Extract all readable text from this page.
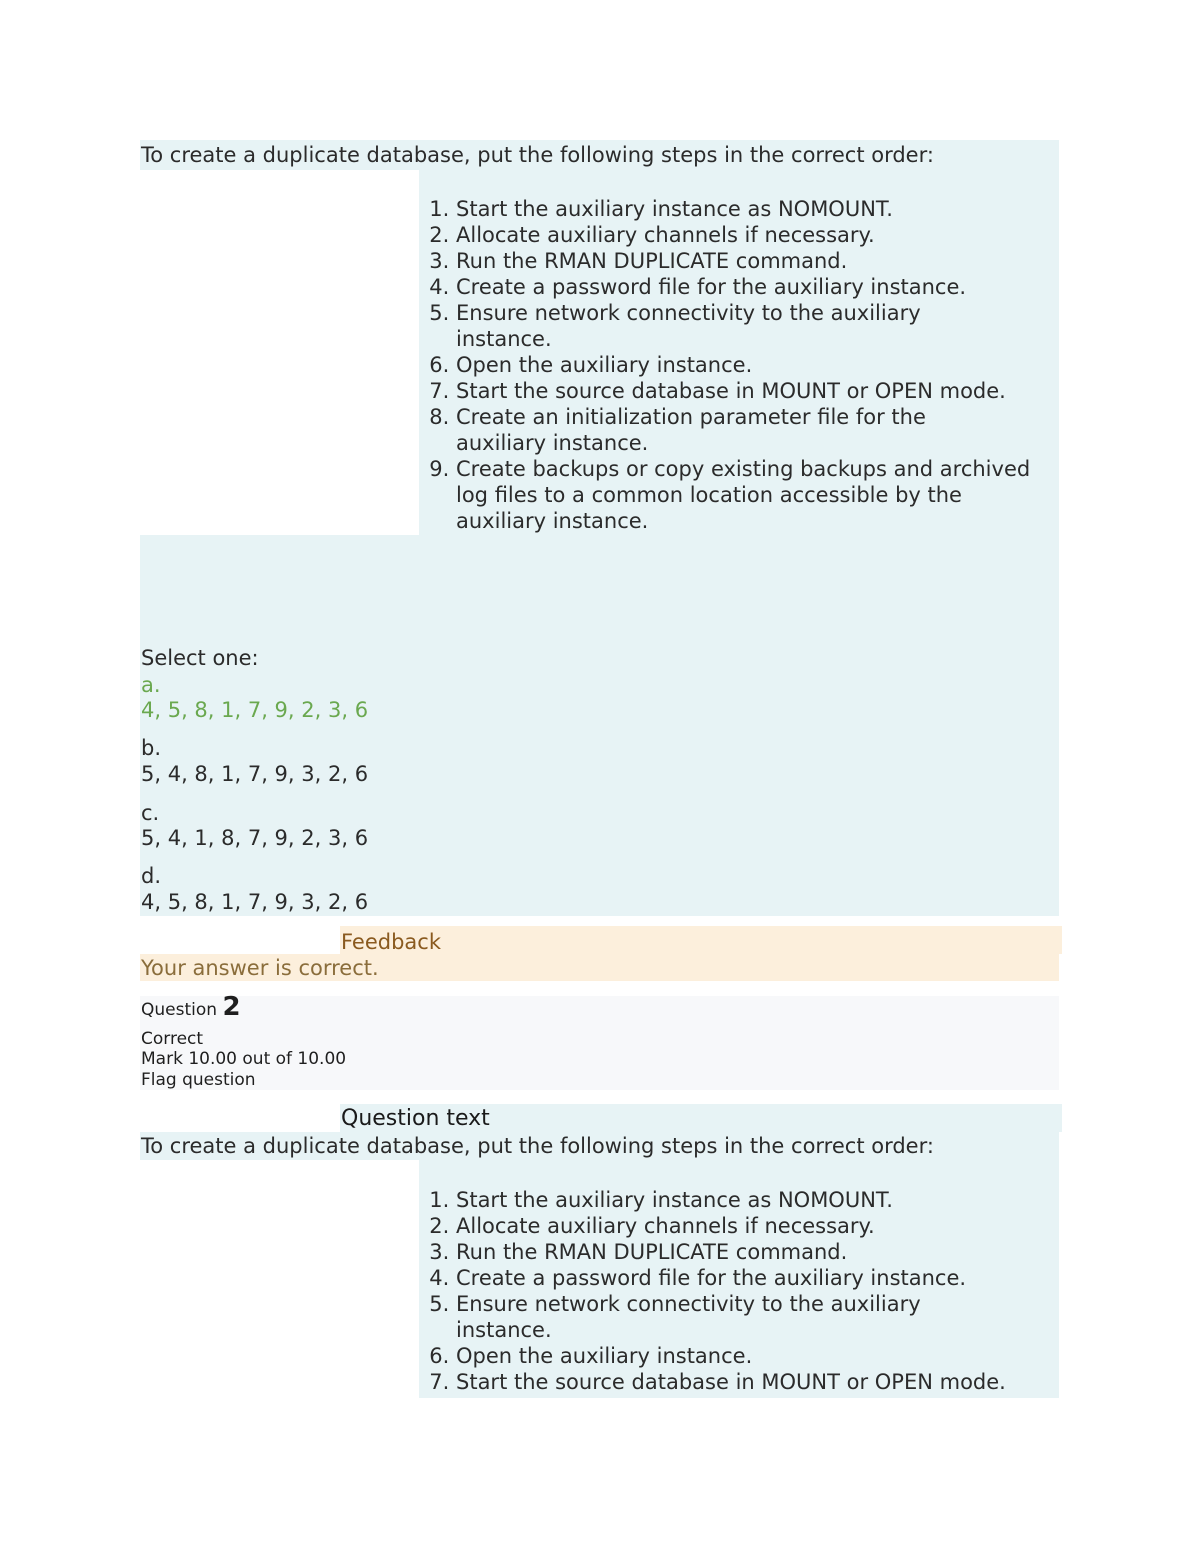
To create a duplicate database, put the following steps in the correct order:
1. Start the auxiliary instance as NOMOUNT.
2. Allocate auxiliary channels if necessary.
3. Run the RMAN DUPLICATE command.
4. Create a password file for the auxiliary instance.
5. Ensure network connectivity to the auxiliary instance.
6. Open the auxiliary instance.
7. Start the source database in MOUNT or OPEN mode.
8. Create an initialization parameter file for the auxiliary instance.
9. Create backups or copy existing backups and archived log files to a common location accessible by the auxiliary instance.
Select one:
a.
4, 5, 8, 1, 7, 9, 2, 3, 6
b.
5, 4, 8, 1, 7, 9, 3, 2, 6
c.
5, 4, 1, 8, 7, 9, 2, 3, 6
d.
4, 5, 8, 1, 7, 9, 3, 2, 6
Feedback
Your answer is correct.
Question 2
Correct
Mark 10.00 out of 10.00
Flag question
Question text
To create a duplicate database, put the following steps in the correct order:
1. Start the auxiliary instance as NOMOUNT.
2. Allocate auxiliary channels if necessary.
3. Run the RMAN DUPLICATE command.
4. Create a password file for the auxiliary instance.
5. Ensure network connectivity to the auxiliary instance.
6. Open the auxiliary instance.
7. Start the source database in MOUNT or OPEN mode.
